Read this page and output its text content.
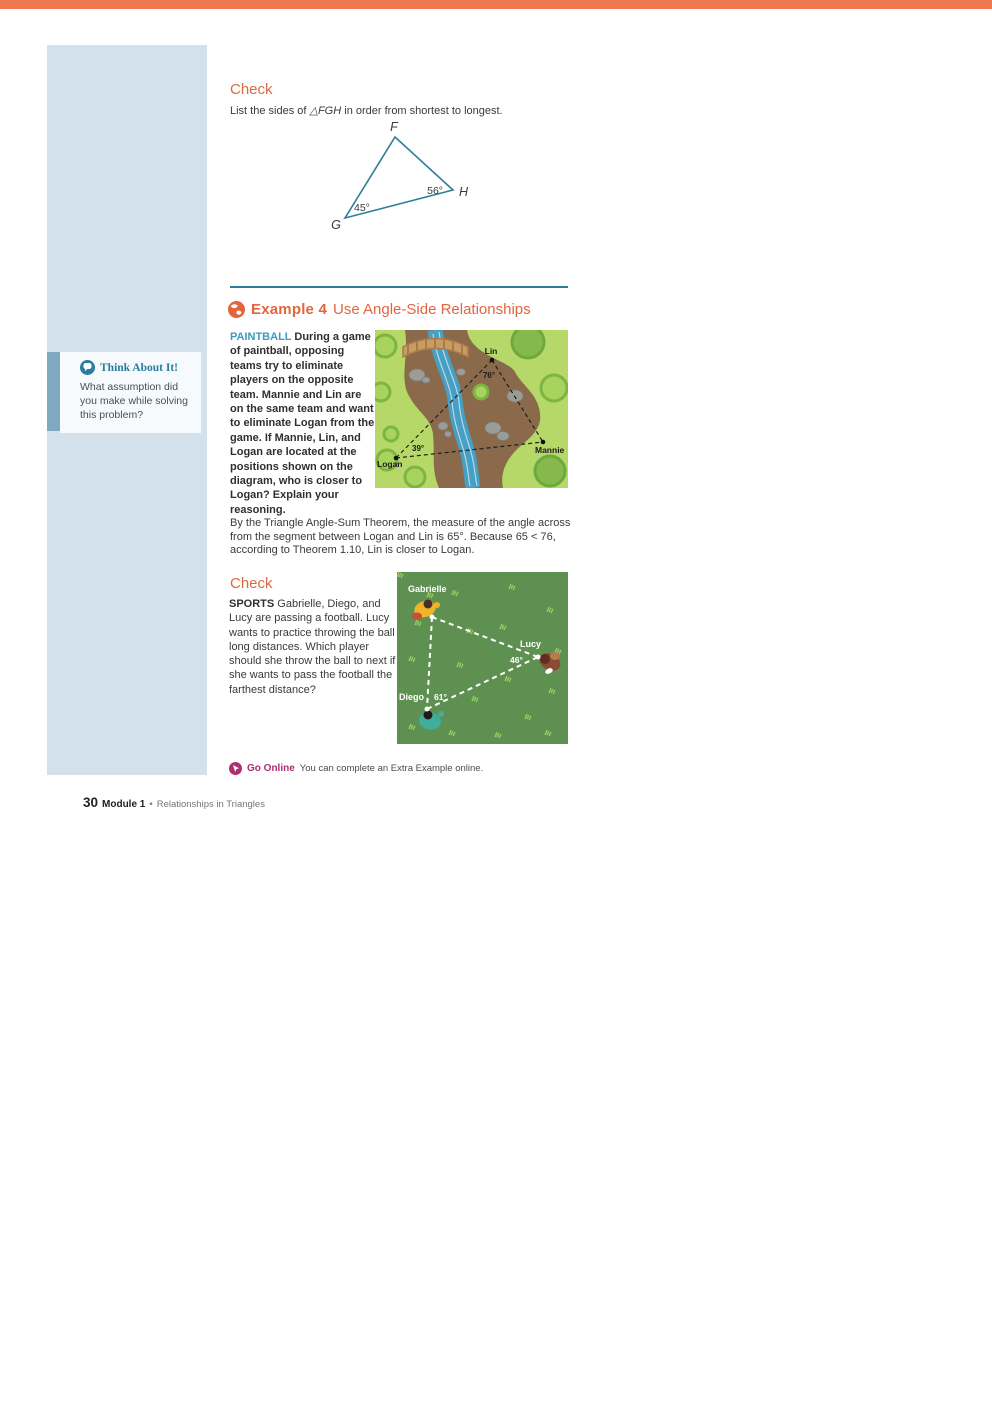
Think About It!
What assumption did you make while solving this problem?
Check
List the sides of △FGH in order from shortest to longest.
F
G
H
45°
56°
Example 4 Use Angle-Side Relationships
PAINTBALL During a game of paintball, opposing teams try to eliminate players on the opposite team. Mannie and Lin are on the same team and want to eliminate Logan from the game. If Mannie, Lin, and Logan are located at the positions shown on the diagram, who is closer to Logan? Explain your reasoning.
Lin
76°
Mannie
Logan
39°
By the Triangle Angle-Sum Theorem, the measure of the angle across from the segment between Logan and Lin is 65°. Because 65 < 76, according to Theorem 1.10, Lin is closer to Logan.
Check
SPORTS Gabrielle, Diego, and Lucy are passing a football. Lucy wants to practice throwing the ball long distances. Which player should she throw the ball to next if she wants to pass the football the farthest distance?
Gabrielle
Lucy
46°
Diego 61°
Go Online You can complete an Extra Example online.
30 Module 1 • Relationships in Triangles
